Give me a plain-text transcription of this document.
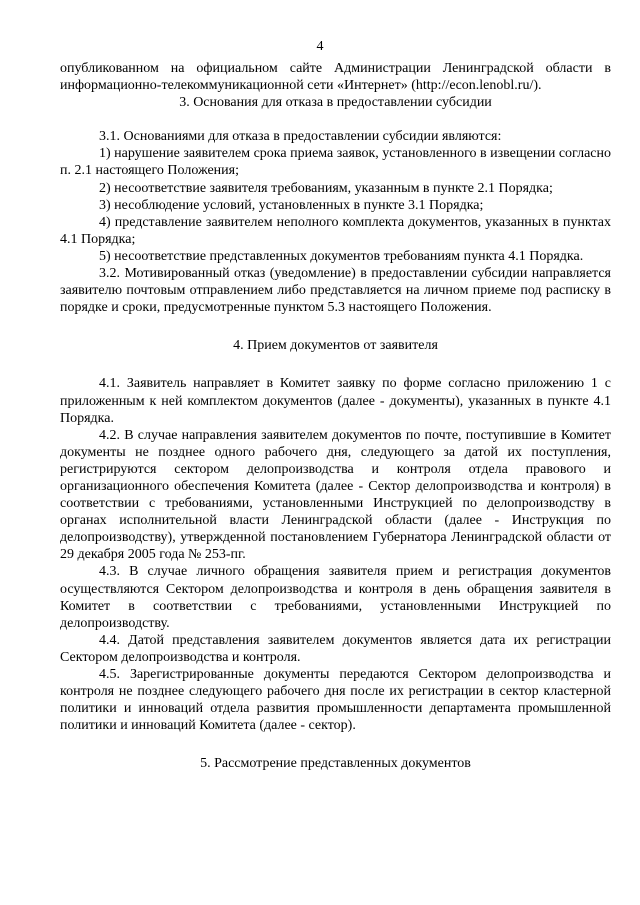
4

опубликованном на официальном сайте Администрации Ленинградской области в информационно-телекоммуникационной сети «Интернет» (http://econ.lenobl.ru/).

3. Основания для отказа в предоставлении субсидии

3.1. Основаниями для отказа в предоставлении субсидии являются:

1) нарушение заявителем срока приема заявок, установленного в извещении согласно п. 2.1 настоящего Положения;

2) несоответствие заявителя требованиям, указанным в пункте 2.1 Порядка;

3) несоблюдение условий, установленных в пункте 3.1 Порядка;

4) представление заявителем неполного комплекта документов, указанных в пунктах 4.1 Порядка;

5) несоответствие представленных документов требованиям пункта 4.1 Порядка.

3.2. Мотивированный отказ (уведомление) в предоставлении субсидии направляется заявителю почтовым отправлением либо представляется на личном приеме под расписку в порядке и сроки, предусмотренные пунктом 5.3 настоящего Положения.

4. Прием документов от заявителя

4.1. Заявитель направляет в Комитет заявку по форме согласно приложению 1 с приложенным к ней комплектом документов (далее - документы), указанных в пункте 4.1 Порядка.

4.2. В случае направления заявителем документов по почте, поступившие в Комитет документы не позднее одного рабочего дня, следующего за датой их поступления, регистрируются сектором делопроизводства и контроля отдела правового и организационного обеспечения Комитета (далее - Сектор делопроизводства и контроля) в соответствии с требованиями, установленными Инструкцией по делопроизводству в органах исполнительной власти Ленинградской области (далее - Инструкция по делопроизводству), утвержденной постановлением Губернатора Ленинградской области от 29 декабря 2005 года № 253-пг.

4.3. В случае личного обращения заявителя прием и регистрация документов осуществляются Сектором делопроизводства и контроля в день обращения заявителя в Комитет в соответствии с требованиями, установленными Инструкцией по делопроизводству.

4.4. Датой представления заявителем документов является дата их регистрации Сектором делопроизводства и контроля.

4.5. Зарегистрированные документы передаются Сектором делопроизводства и контроля не позднее следующего рабочего дня после их регистрации в сектор кластерной политики и инноваций отдела развития промышленности департамента промышленной политики и инноваций Комитета (далее - сектор).

5. Рассмотрение представленных документов
